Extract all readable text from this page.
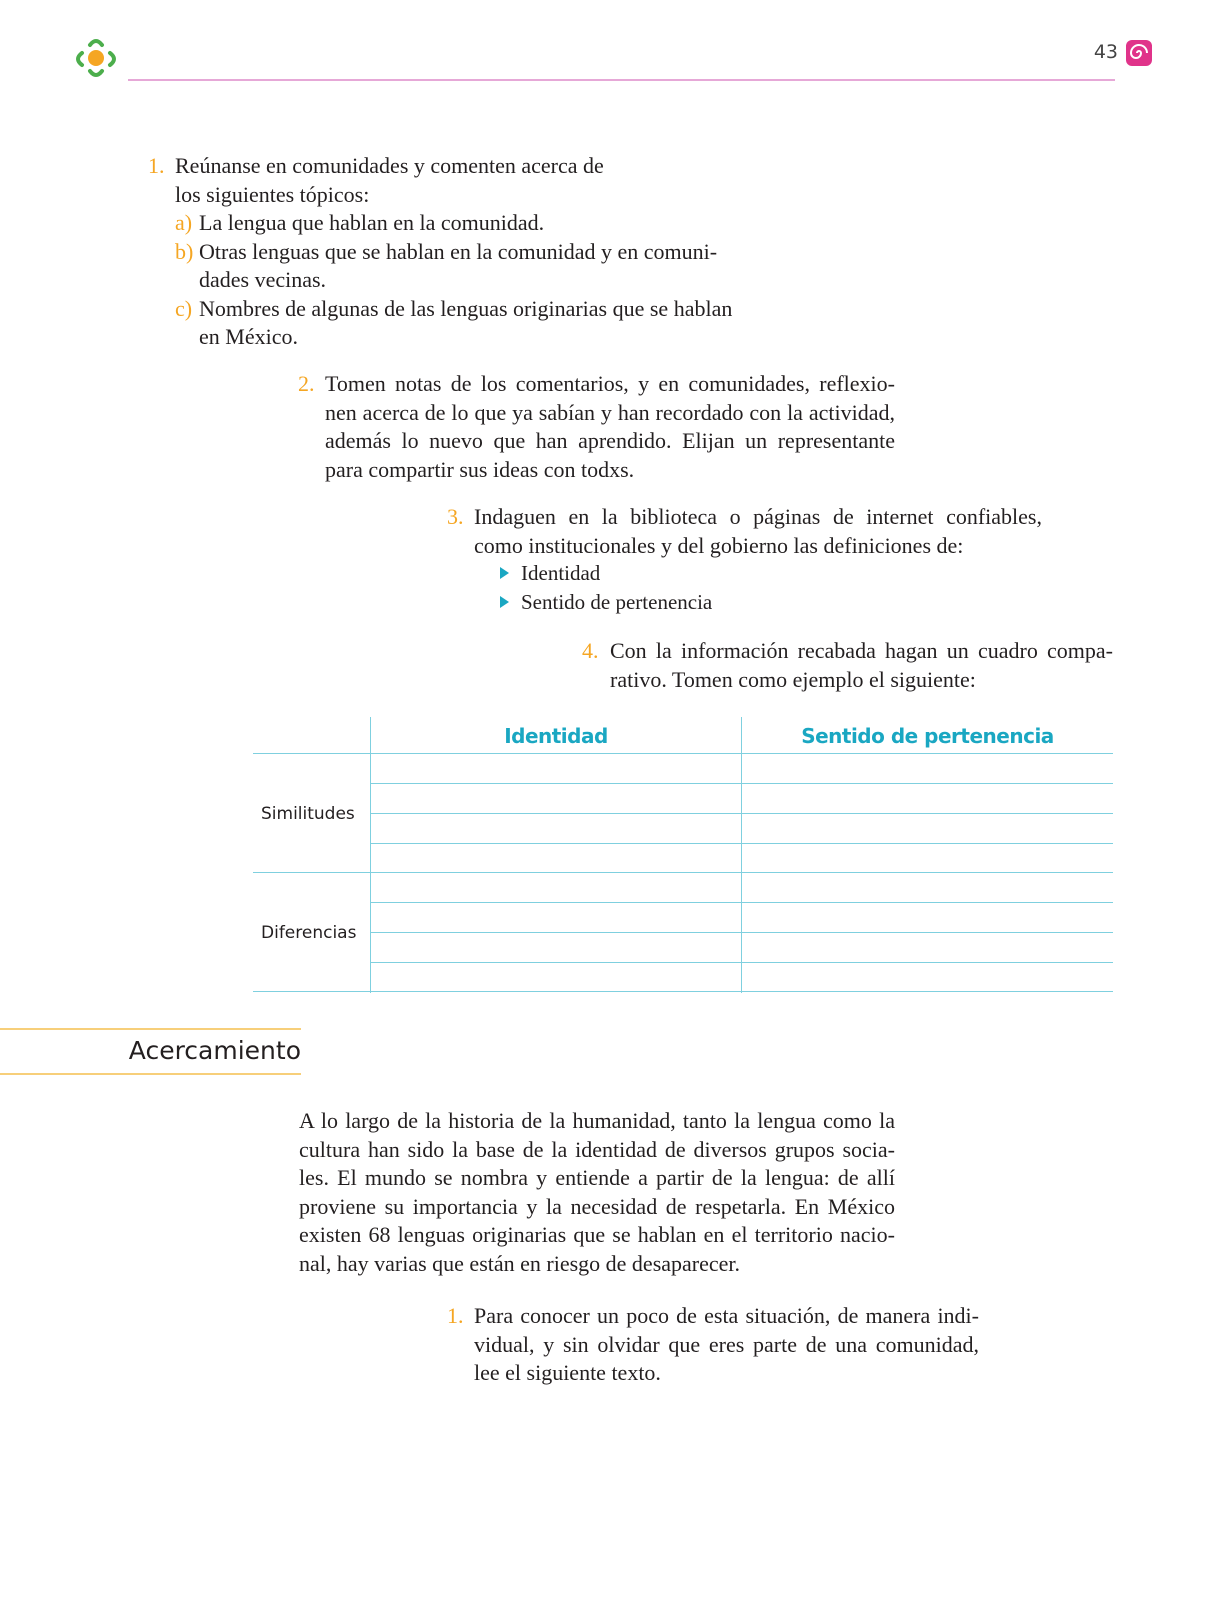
43
1. Reúnanse en comunidades y comenten acerca de
los siguientes tópicos:
a) La lengua que hablan en la comunidad.
b) Otras lenguas que se hablan en la comunidad y en comuni-
dades vecinas.
c) Nombres de algunas de las lenguas originarias que se hablan
en México.
2. Tomen notas de los comentarios, y en comunidades, reflexio-
nen acerca de lo que ya sabían y han recordado con la actividad,
además lo nuevo que han aprendido. Elijan un representante
para compartir sus ideas con todxs.
3. Indaguen en la biblioteca o páginas de internet confiables,
como institucionales y del gobierno las definiciones de:
Identidad
Sentido de pertenencia
4. Con la información recabada hagan un cuadro compa-
rativo. Tomen como ejemplo el siguiente:
Identidad	Sentido de pertenencia
Similitudes
Diferencias
Acercamiento
A lo largo de la historia de la humanidad, tanto la lengua como la
cultura han sido la base de la identidad de diversos grupos socia-
les. El mundo se nombra y entiende a partir de la lengua: de allí
proviene su importancia y la necesidad de respetarla. En México
existen 68 lenguas originarias que se hablan en el territorio nacio-
nal, hay varias que están en riesgo de desaparecer.
1. Para conocer un poco de esta situación, de manera indi-
vidual, y sin olvidar que eres parte de una comunidad,
lee el siguiente texto.
